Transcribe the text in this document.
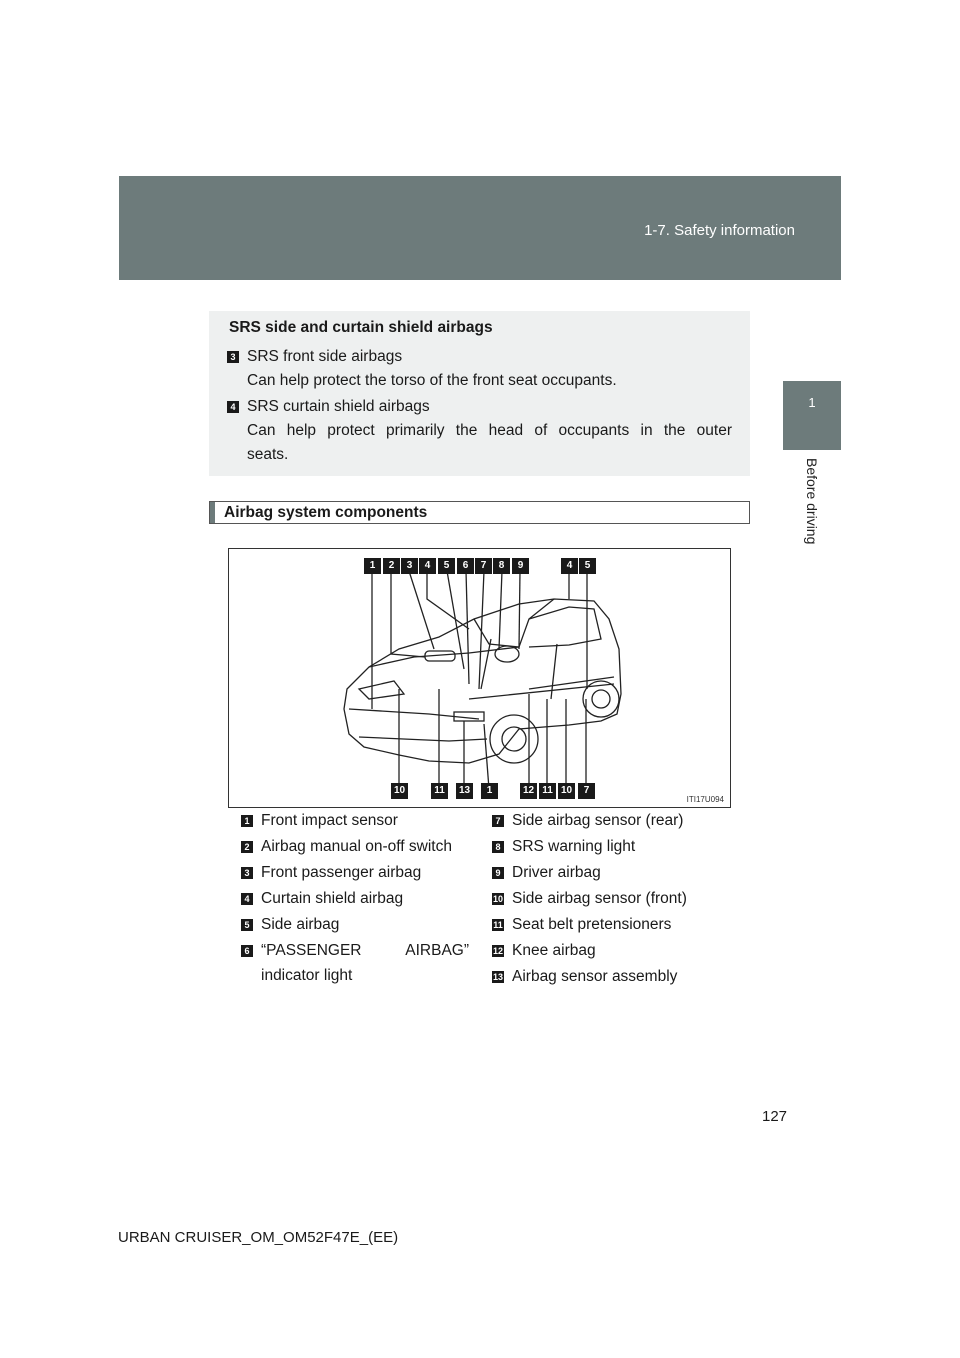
1-7. Safety information
1
Before driving
SRS side and curtain shield airbags
3 SRS front side airbags
Can help protect the torso of the front seat occupants.
4 SRS curtain shield airbags
Can help protect primarily the head of occupants in the outer
seats.
Airbag system components
1	2	3	4	5	6	7	8	9	4	5
10	11	13	1	12 11 10	7
ITI17U094
1 Front impact sensor
2 Airbag manual on-off switch
3 Front passenger airbag
4 Curtain shield airbag
5 Side airbag
6 “PASSENGER AIRBAG”
indicator light
7 Side airbag sensor (rear)
8 SRS warning light
9 Driver airbag
10 Side airbag sensor (front)
11 Seat belt pretensioners
12 Knee airbag
13 Airbag sensor assembly
127
URBAN CRUISER_OM_OM52F47E_(EE)
